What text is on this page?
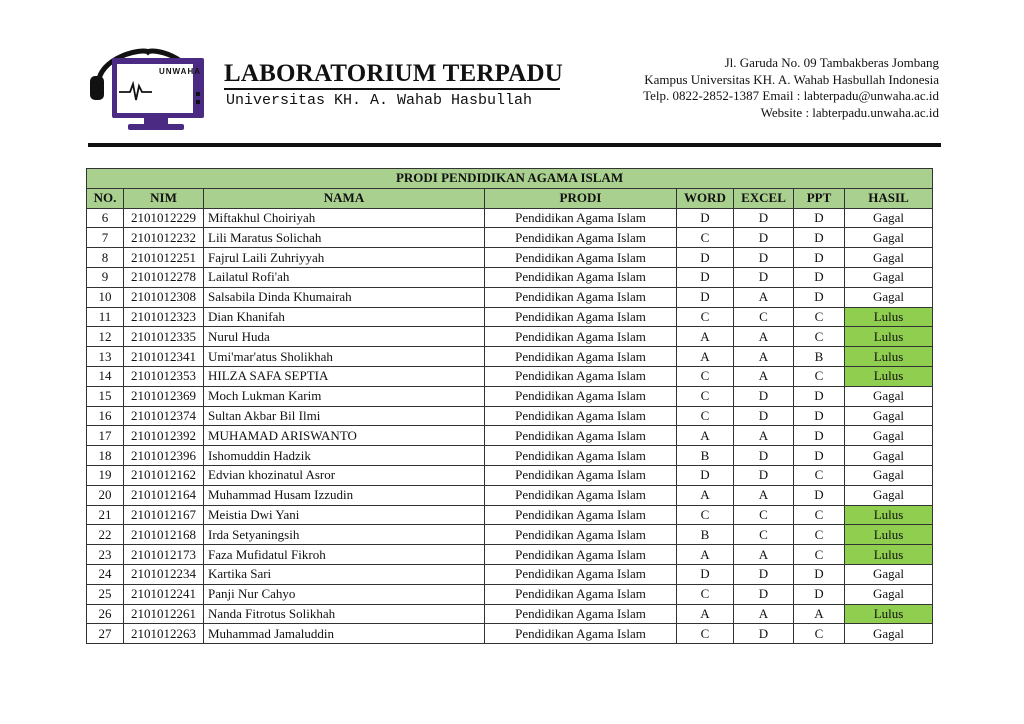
UNWAHA LABORATORIUM TERPADU
Universitas KH. A. Wahab Hasbullah
Jl. Garuda No. 09 Tambakberas Jombang
Kampus Universitas KH. A. Wahab Hasbullah Indonesia
Telp. 0822-2852-1387 Email : labterpadu@unwaha.ac.id
Website : labterpadu.unwaha.ac.id
PRODI PENDIDIKAN AGAMA ISLAM							
NO.	NIM	NAMA	PRODI	WORD	EXCEL	PPT	HASIL
6	2101012229	Miftakhul Choiriyah	Pendidikan Agama Islam	D	D	D	Gagal
7	2101012232	Lili Maratus Solichah	Pendidikan Agama Islam	C	D	D	Gagal
8	2101012251	Fajrul Laili Zuhriyyah	Pendidikan Agama Islam	D	D	D	Gagal
9	2101012278	Lailatul Rofi'ah	Pendidikan Agama Islam	D	D	D	Gagal
10	2101012308	Salsabila Dinda Khumairah	Pendidikan Agama Islam	D	A	D	Gagal
11	2101012323	Dian Khanifah	Pendidikan Agama Islam	C	C	C	Lulus
12	2101012335	Nurul Huda	Pendidikan Agama Islam	A	A	C	Lulus
13	2101012341	Umi'mar'atus Sholikhah	Pendidikan Agama Islam	A	A	B	Lulus
14	2101012353	HILZA SAFA SEPTIA	Pendidikan Agama Islam	C	A	C	Lulus
15	2101012369	Moch Lukman Karim	Pendidikan Agama Islam	C	D	D	Gagal
16	2101012374	Sultan Akbar Bil Ilmi	Pendidikan Agama Islam	C	D	D	Gagal
17	2101012392	MUHAMAD ARISWANTO	Pendidikan Agama Islam	A	A	D	Gagal
18	2101012396	Ishomuddin Hadzik	Pendidikan Agama Islam	B	D	D	Gagal
19	2101012162	Edvian khozinatul Asror	Pendidikan Agama Islam	D	D	C	Gagal
20	2101012164	Muhammad Husam Izzudin	Pendidikan Agama Islam	A	A	D	Gagal
21	2101012167	Meistia Dwi Yani	Pendidikan Agama Islam	C	C	C	Lulus
22	2101012168	Irda Setyaningsih	Pendidikan Agama Islam	B	C	C	Lulus
23	2101012173	Faza Mufidatul Fikroh	Pendidikan Agama Islam	A	A	C	Lulus
24	2101012234	Kartika Sari	Pendidikan Agama Islam	D	D	D	Gagal
25	2101012241	Panji Nur Cahyo	Pendidikan Agama Islam	C	D	D	Gagal
26	2101012261	Nanda Fitrotus Solikhah	Pendidikan Agama Islam	A	A	A	Lulus
27	2101012263	Muhammad Jamaluddin	Pendidikan Agama Islam	C	D	C	Gagal
